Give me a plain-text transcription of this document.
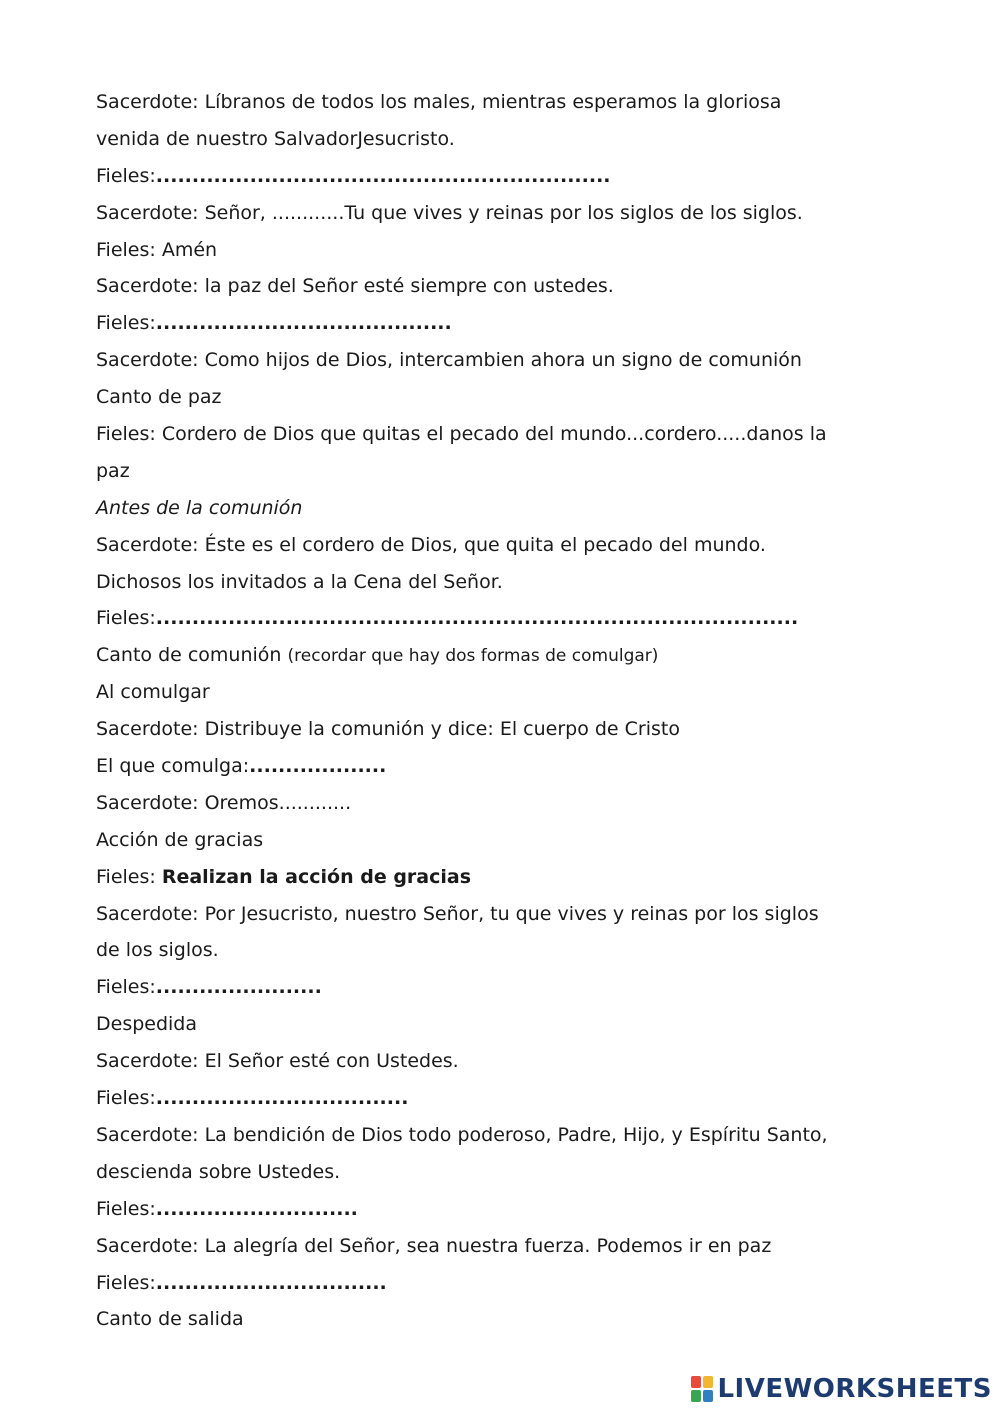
Sacerdote: Líbranos de todos los males, mientras esperamos la gloriosa
venida de nuestro SalvadorJesucristo.
Fieles:...............................................................
Sacerdote: Señor, ............Tu que vives y reinas por los siglos de los siglos.
Fieles: Amén
Sacerdote: la paz del Señor esté siempre con ustedes.
Fieles:.........................................
Sacerdote: Como hijos de Dios, intercambien ahora un signo de comunión
Canto de paz
Fieles: Cordero de Dios que quitas el pecado del mundo...cordero.....danos la
paz
Antes de la comunión
Sacerdote: Éste es el cordero de Dios, que quita el pecado del mundo.
Dichosos los invitados a la Cena del Señor.
Fieles:.........................................................................................
Canto de comunión (recordar que hay dos formas de comulgar)
Al comulgar
Sacerdote: Distribuye la comunión y dice: El cuerpo de Cristo
El que comulga:...................
Sacerdote: Oremos............
Acción de gracias
Fieles: Realizan la acción de gracias
Sacerdote: Por Jesucristo, nuestro Señor, tu que vives y reinas por los siglos
de los siglos.
Fieles:.......................
Despedida
Sacerdote: El Señor esté con Ustedes.
Fieles:...................................
Sacerdote: La bendición de Dios todo poderoso, Padre, Hijo, y Espíritu Santo,
descienda sobre Ustedes.
Fieles:............................
Sacerdote: La alegría del Señor, sea nuestra fuerza. Podemos ir en paz
Fieles:................................
Canto de salida
LIVEWORKSHEETS
